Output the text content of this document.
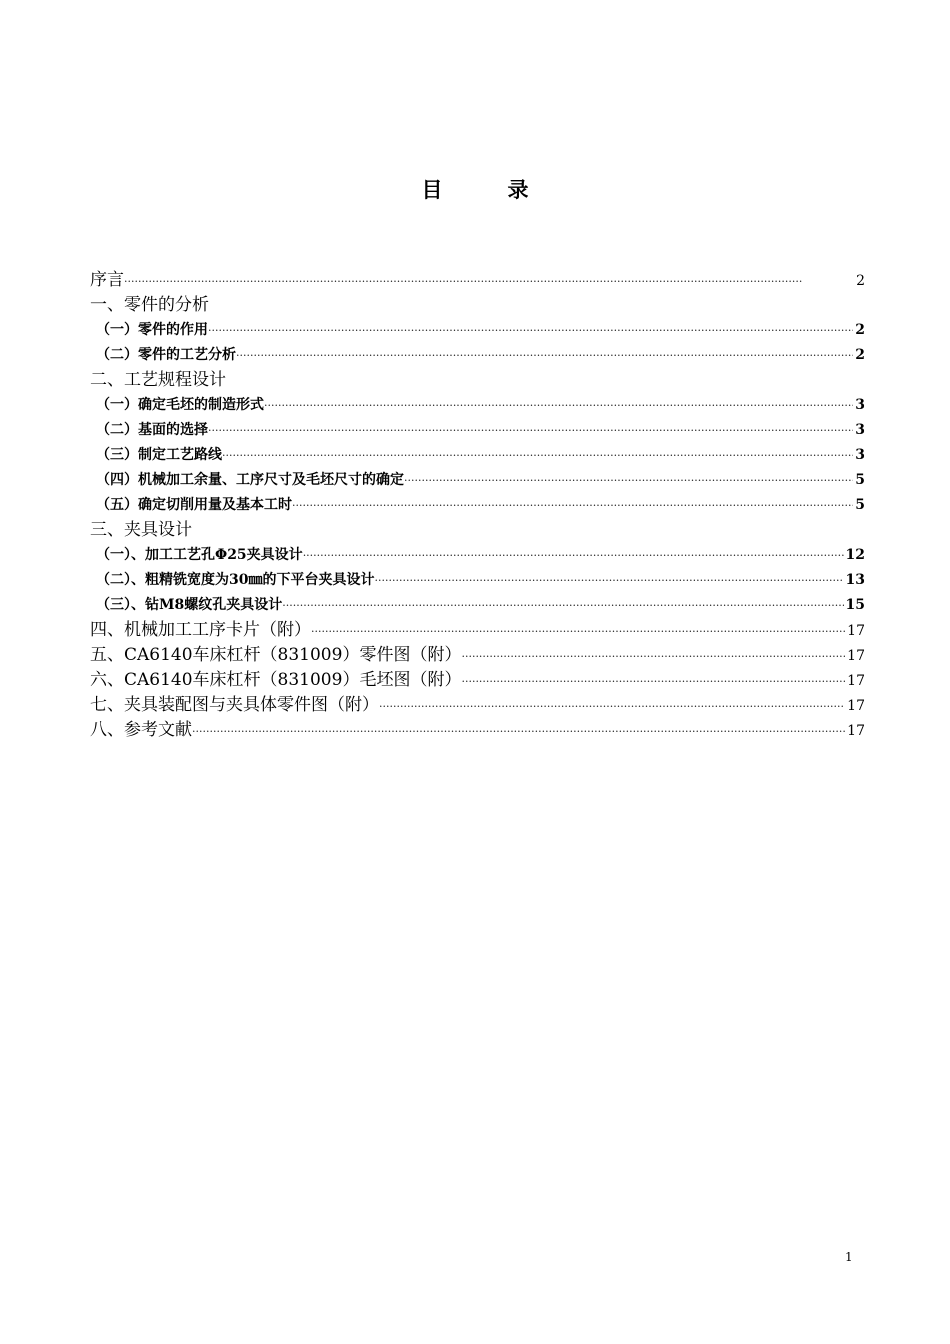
目　录
序言 ·····	2
一、零件的分析
（一）零件的作用 ·····	2
（二）零件的工艺分析 ·····	2
二、工艺规程设计
（一）确定毛坯的制造形式 ·····	3
（二）基面的选择 ·····	3
（三）制定工艺路线 ·····	3
（四）机械加工余量、工序尺寸及毛坯尺寸的确定 ·····	5
（五）确定切削用量及基本工时 ·····	5
三、夹具设计
（一）、加工工艺孔Φ25夹具设计 ·····	12
（二）、粗精铣宽度为30㎜的下平台夹具设计 ·····	13
（三）、钻M8螺纹孔夹具设计 ·····	15
四、机械加工工序卡片（附） ·····	17
五、CA6140车床杠杆（831009）零件图（附） ·····	17
六、CA6140车床杠杆（831009）毛坯图（附） ·····	17
七、夹具装配图与夹具体零件图（附） ·····	17
八、参考文献 ·····	17
1
